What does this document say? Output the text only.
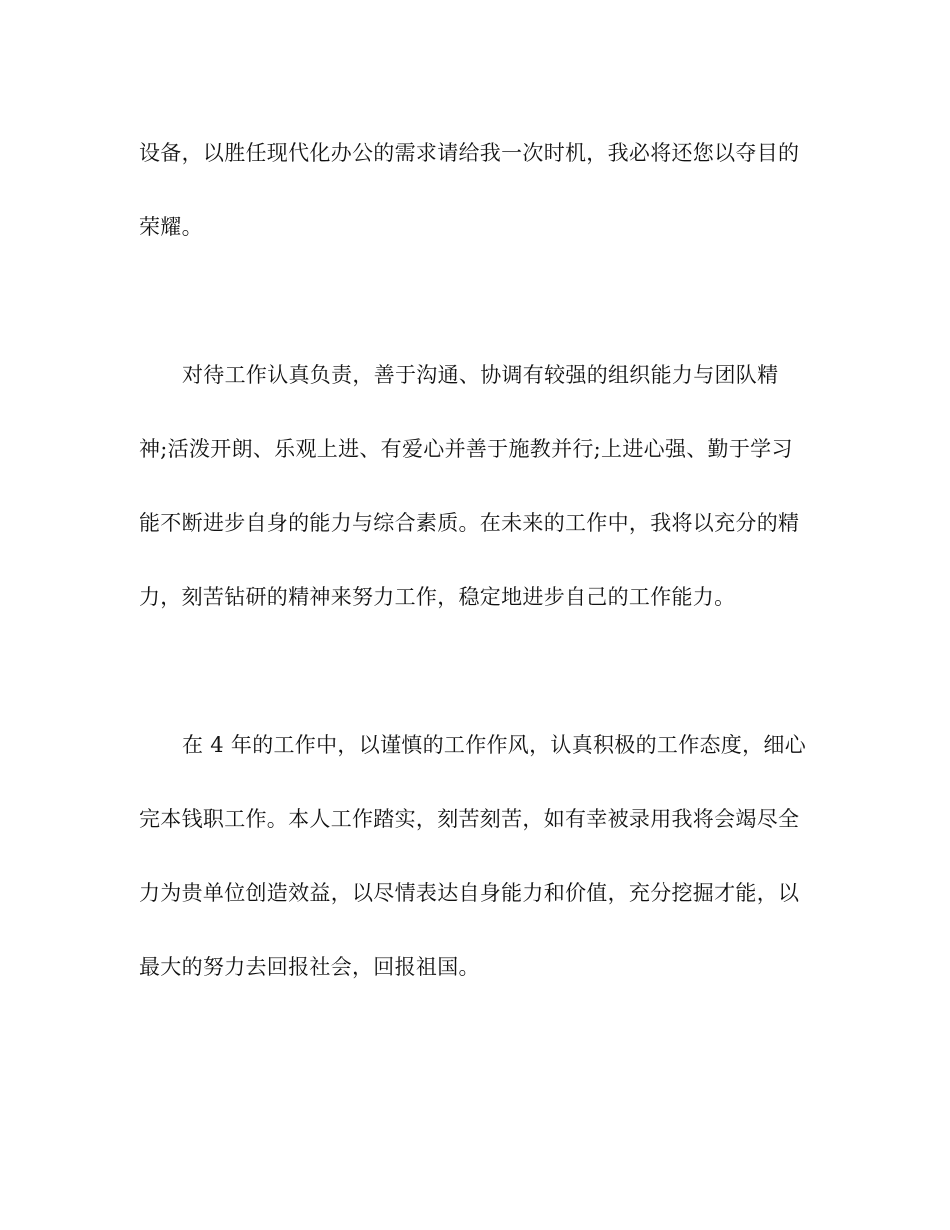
设备，以胜任现代化办公的需求请给我一次时机，我必将还您以夺目的
荣耀。
对待工作认真负责，善于沟通、协调有较强的组织能力与团队精
神;活泼开朗、乐观上进、有爱心并善于施教并行;上进心强、勤于学习
能不断进步自身的能力与综合素质。在未来的工作中，我将以充分的精
力，刻苦钻研的精神来努力工作，稳定地进步自己的工作能力。
在 4 年的工作中，以谨慎的工作作风，认真积极的工作态度，细心
完本钱职工作。本人工作踏实，刻苦刻苦，如有幸被录用我将会竭尽全
力为贵单位创造效益，以尽情表达自身能力和价值，充分挖掘才能，以
最大的努力去回报社会，回报祖国。
